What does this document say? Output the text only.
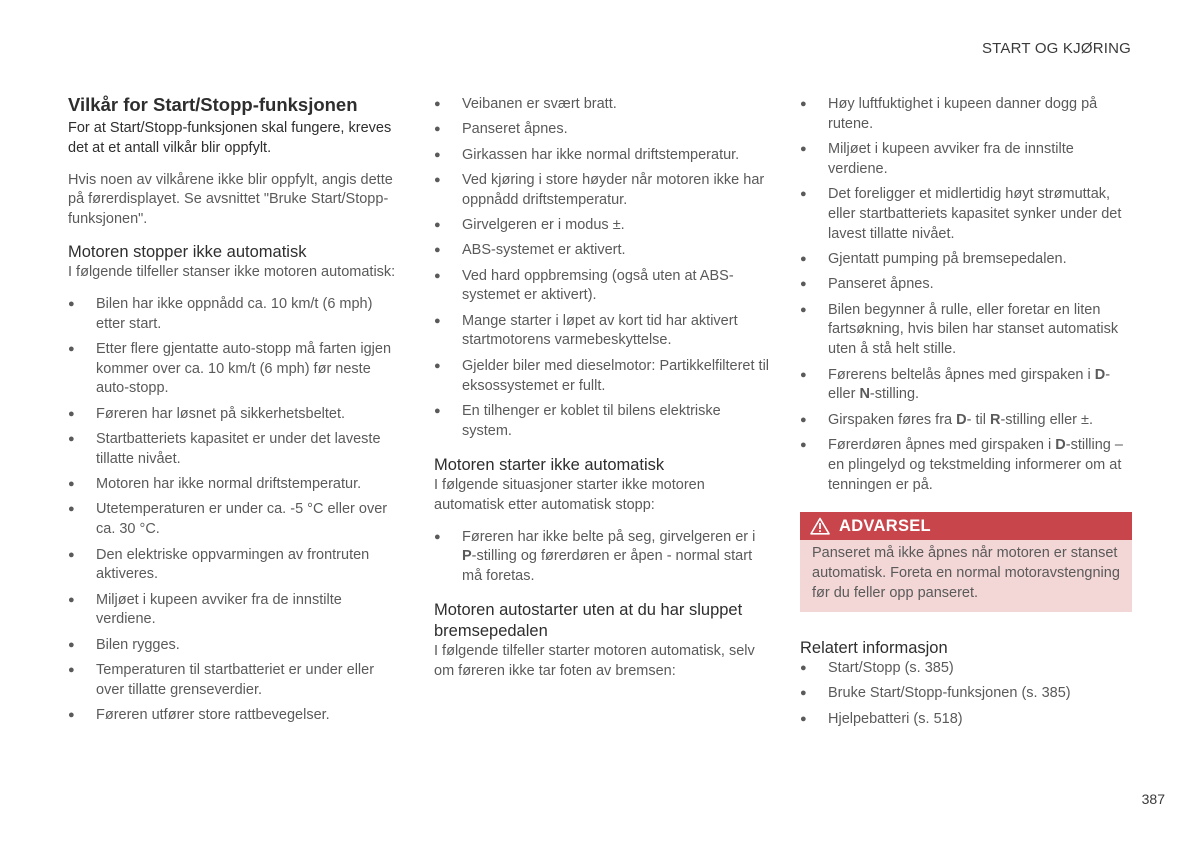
START OG KJØRING
Vilkår for Start/Stopp-funksjonen

For at Start/Stopp-funksjonen skal fungere, kreves det at et antall vilkår blir oppfylt.

Hvis noen av vilkårene ikke blir oppfylt, angis dette på førerdisplayet. Se avsnittet "Bruke Start/Stopp-funksjonen".

Motoren stopper ikke automatisk

I følgende tilfeller stanser ikke motoren automatisk:

● Bilen har ikke oppnådd ca. 10 km/t (6 mph) etter start.
● Etter flere gjentatte auto-stopp må farten igjen kommer over ca. 10 km/t (6 mph) før neste auto-stopp.
● Føreren har løsnet på sikkerhetsbeltet.
● Startbatteriets kapasitet er under det laveste tillatte nivået.
● Motoren har ikke normal driftstemperatur.
● Utetemperaturen er under ca. -5 °C eller over ca. 30 °C.
● Den elektriske oppvarmingen av frontruten aktiveres.
● Miljøet i kupeen avviker fra de innstilte verdiene.
● Bilen rygges.
● Temperaturen til startbatteriet er under eller over tillatte grenseverdier.
● Føreren utfører store rattbevegelser.
● Veibanen er svært bratt.
● Panseret åpnes.
● Girkassen har ikke normal driftstemperatur.
● Ved kjøring i store høyder når motoren ikke har oppnådd driftstemperatur.
● Girvelgeren er i modus ±.
● ABS-systemet er aktivert.
● Ved hard oppbremsing (også uten at ABS-systemet er aktivert).
● Mange starter i løpet av kort tid har aktivert startmotorens varmebeskyttelse.
● Gjelder biler med dieselmotor: Partikkelfilteret til eksossystemet er fullt.
● En tilhenger er koblet til bilens elektriske system.
Motoren starter ikke automatisk

I følgende situasjoner starter ikke motoren automatisk etter automatisk stopp:

● Føreren har ikke belte på seg, girvelgeren er i P-stilling og førerdøren er åpen - normal start må foretas.
Motoren autostarter uten at du har sluppet bremsepedalen

I følgende tilfeller starter motoren automatisk, selv om føreren ikke tar foten av bremsen:

● Høy luftfuktighet i kupeen danner dogg på rutene.
● Miljøet i kupeen avviker fra de innstilte verdiene.
● Det foreligger et midlertidig høyt strømuttak, eller startbatteriets kapasitet synker under det lavest tillatte nivået.
● Gjentatt pumping på bremsepedalen.
● Panseret åpnes.
● Bilen begynner å rulle, eller foretar en liten fartsøkning, hvis bilen har stanset automatisk uten å stå helt stille.
● Førerens beltelås åpnes med girspaken i D-eller N-stilling.
● Girspaken føres fra D- til R-stilling eller ±.
● Førerdøren åpnes med girspaken i D-stilling – en plingelyd og tekstmelding informerer om at tenningen er på.
ADVARSEL
Panseret må ikke åpnes når motoren er stanset automatisk. Foreta en normal motoravstengning før du feller opp panseret.
Relatert informasjon
● Start/Stopp (s. 385)
● Bruke Start/Stopp-funksjonen (s. 385)
● Hjelpebatteri (s. 518)
387
